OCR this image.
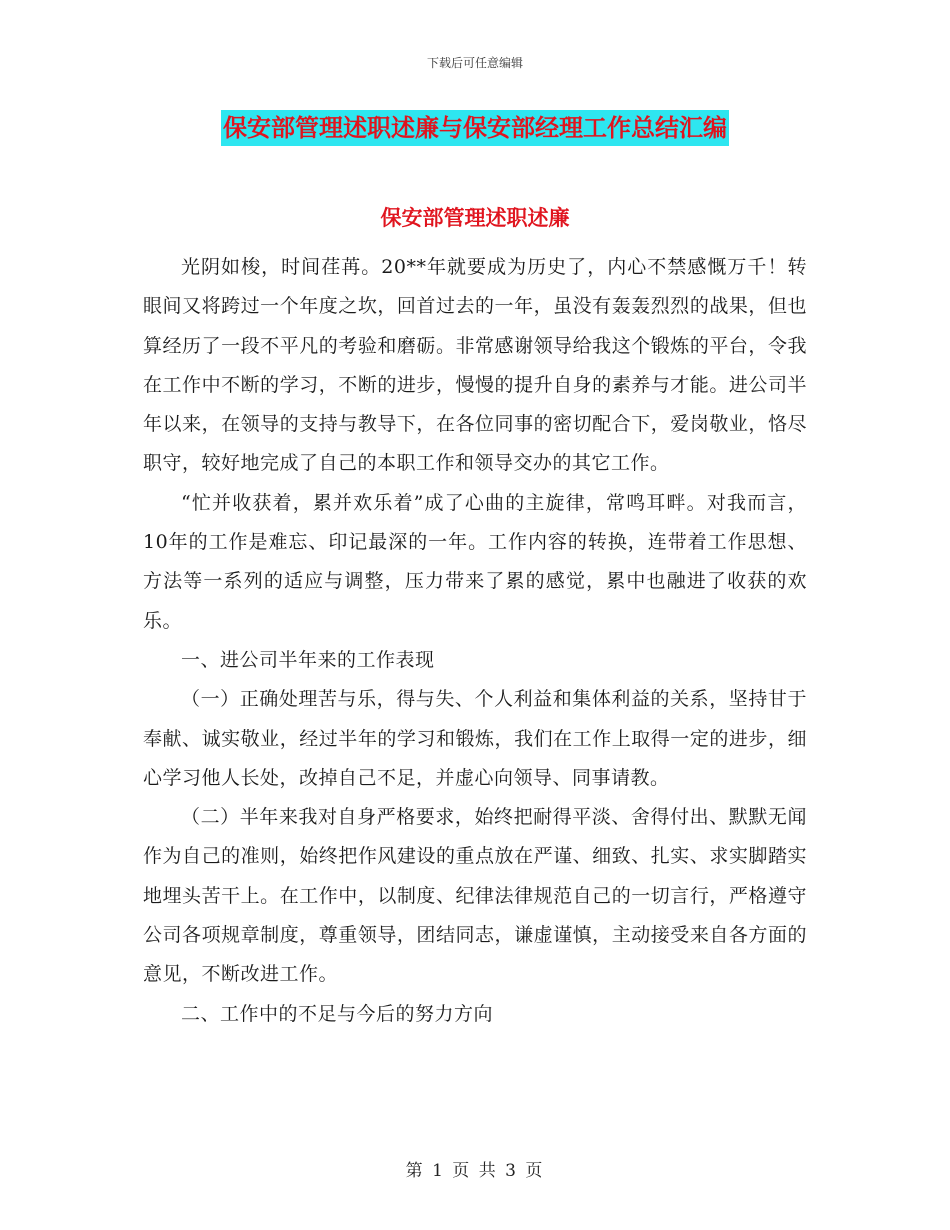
下载后可任意编辑
保安部管理述职述廉与保安部经理工作总结汇编
保安部管理述职述廉

光阴如梭，时间荏苒。20**年就要成为历史了，内心不禁感慨万千！转眼间又将跨过一个年度之坎，回首过去的一年，虽没有轰轰烈烈的战果，但也算经历了一段不平凡的考验和磨砺。非常感谢领导给我这个锻炼的平台，令我在工作中不断的学习，不断的进步，慢慢的提升自身的素养与才能。进公司半年以来，在领导的支持与教导下，在各位同事的密切配合下，爱岗敬业，恪尽职守，较好地完成了自己的本职工作和领导交办的其它工作。

“忙并收获着，累并欢乐着”成了心曲的主旋律，常鸣耳畔。对我而言，10年的工作是难忘、印记最深的一年。工作内容的转换，连带着工作思想、方法等一系列的适应与调整，压力带来了累的感觉，累中也融进了收获的欢乐。

一、进公司半年来的工作表现

（一）正确处理苦与乐，得与失、个人利益和集体利益的关系，坚持甘于奉献、诚实敬业，经过半年的学习和锻炼，我们在工作上取得一定的进步，细心学习他人长处，改掉自己不足，并虚心向领导、同事请教。

（二）半年来我对自身严格要求，始终把耐得平淡、舍得付出、默默无闻作为自己的准则，始终把作风建设的重点放在严谨、细致、扎实、求实脚踏实地埋头苦干上。在工作中，以制度、纪律法律规范自己的一切言行，严格遵守公司各项规章制度，尊重领导，团结同志，谦虚谨慎，主动接受来自各方面的意见，不断改进工作。

二、工作中的不足与今后的努力方向

第 1 页 共 3 页
